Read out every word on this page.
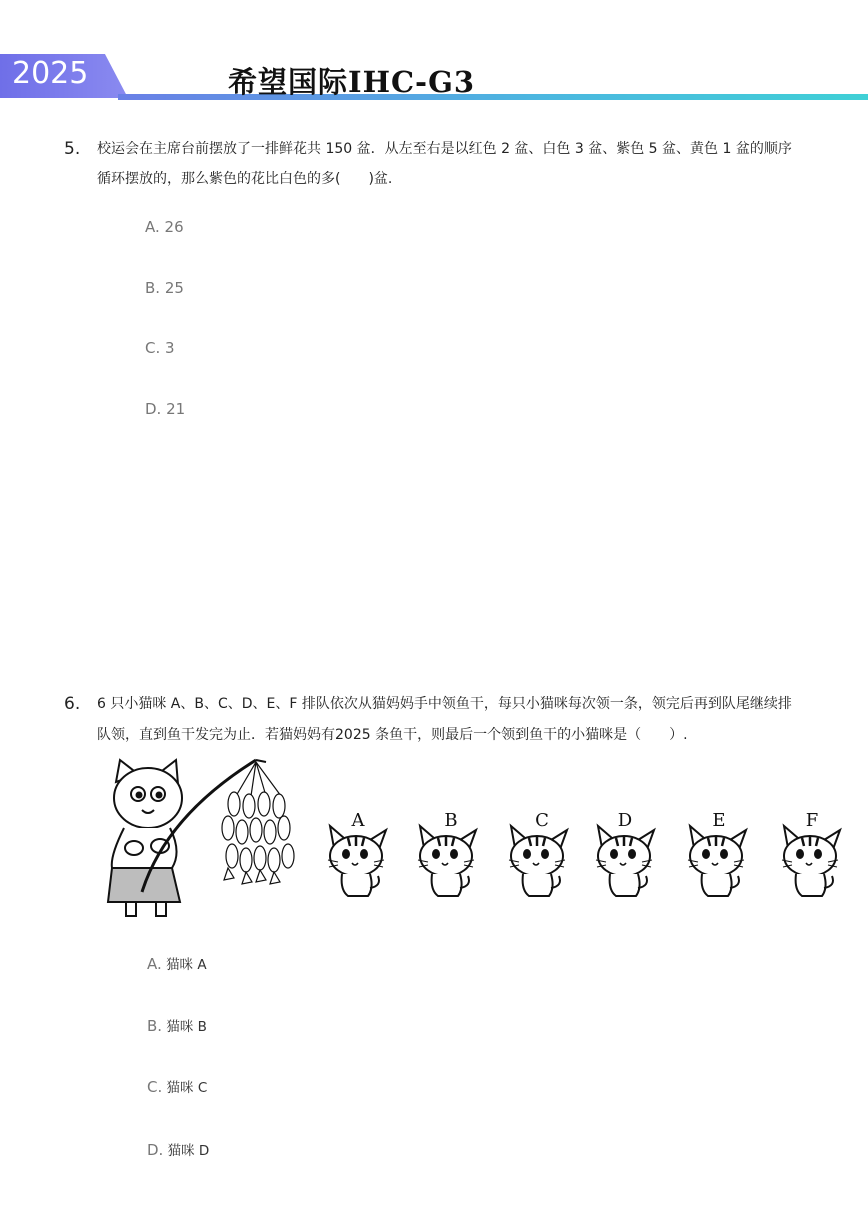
2025	希望国际IHC-G3
5. 校运会在主席台前摆放了一排鲜花共 150 盆．从左至右是以红色 2 盆、白色 3 盆、紫色 5 盆、黄色 1 盆的顺序
循环摆放的，那么紫色的花比白色的多(　　)盆.
A. 26
B. 25
C. 3
D. 21
6. 6 只小猫咪 A、B、C、D、E、F 排队依次从猫妈妈手中领鱼干，每只小猫咪每次领一条，领完后再到队尾继续排
队领，直到鱼干发完为止．若猫妈妈有2025 条鱼干，则最后一个领到鱼干的小猫咪是（　　）.
A	B	C	D	E	F
A. 猫咪 A
B. 猫咪 B
C. 猫咪 C
D. 猫咪 D
